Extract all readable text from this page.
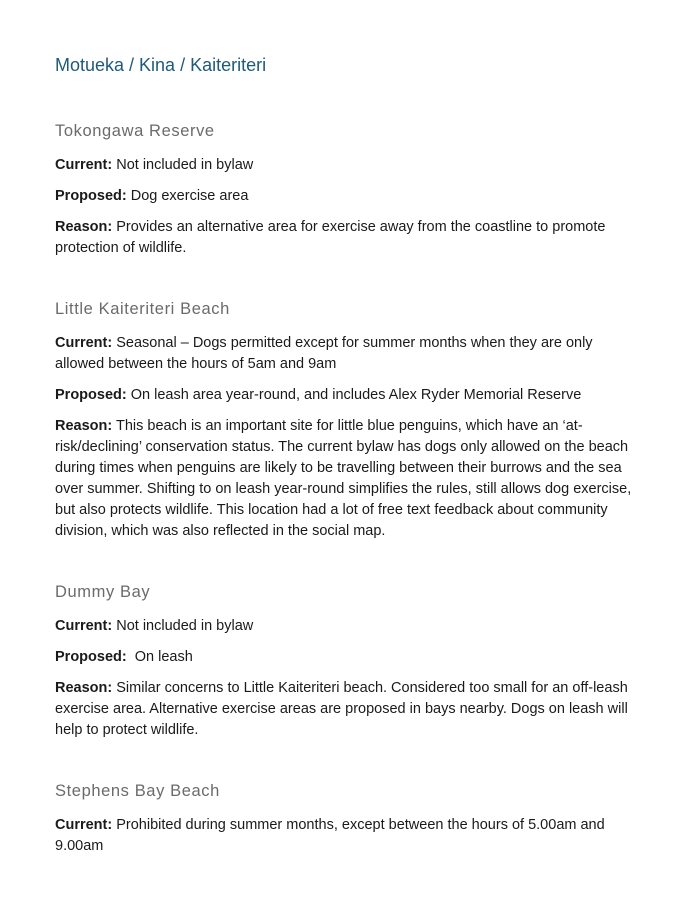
Motueka / Kina / Kaiteriteri
Tokongawa Reserve

Current: Not included in bylaw

Proposed: Dog exercise area

Reason: Provides an alternative area for exercise away from the coastline to promote protection of wildlife.

Little Kaiteriteri Beach

Current: Seasonal – Dogs permitted except for summer months when they are only allowed between the hours of 5am and 9am

Proposed: On leash area year-round, and includes Alex Ryder Memorial Reserve

Reason: This beach is an important site for little blue penguins, which have an ‘at-risk/declining’ conservation status. The current bylaw has dogs only allowed on the beach during times when penguins are likely to be travelling between their burrows and the sea over summer. Shifting to on leash year-round simplifies the rules, still allows dog exercise, but also protects wildlife. This location had a lot of free text feedback about community division, which was also reflected in the social map.

Dummy Bay

Current: Not included in bylaw

Proposed:  On leash

Reason: Similar concerns to Little Kaiteriteri beach. Considered too small for an off-leash exercise area. Alternative exercise areas are proposed in bays nearby. Dogs on leash will help to protect wildlife.

Stephens Bay Beach

Current: Prohibited during summer months, except between the hours of 5.00am and 9.00am
